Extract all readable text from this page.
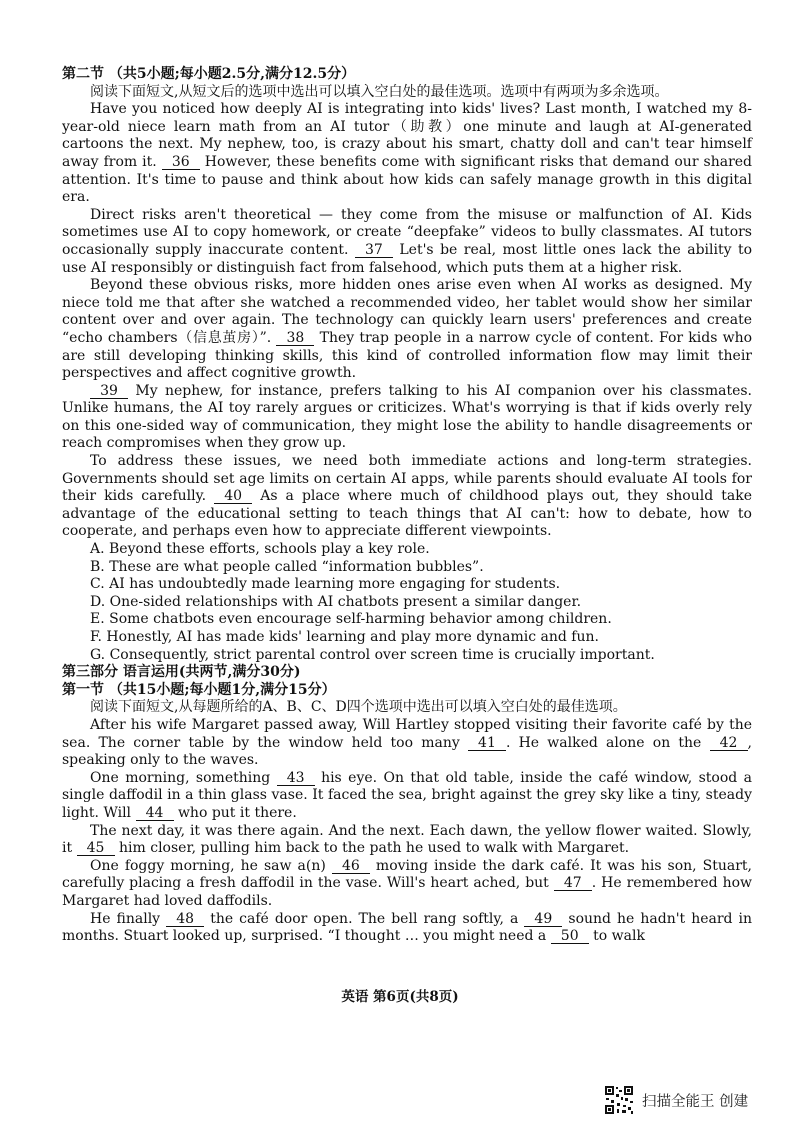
第二节 （共5小题;每小题2.5分,满分12.5分）

阅读下面短文,从短文后的选项中选出可以填入空白处的最佳选项。选项中有两项为多余选项。

Have you noticed how deeply AI is integrating into kids' lives? Last month, I watched my 8-year-old niece learn math from an AI tutor（助教）one minute and laugh at AI-generated cartoons the next. My nephew, too, is crazy about his smart, chatty doll and can't tear himself away from it. 36 However, these benefits come with significant risks that demand our shared attention. It's time to pause and think about how kids can safely manage growth in this digital era.

Direct risks aren't theoretical — they come from the misuse or malfunction of AI. Kids sometimes use AI to copy homework, or create “deepfake” videos to bully classmates. AI tutors occasionally supply inaccurate content. 37 Let's be real, most little ones lack the ability to use AI responsibly or distinguish fact from falsehood, which puts them at a higher risk.

Beyond these obvious risks, more hidden ones arise even when AI works as designed. My niece told me that after she watched a recommended video, her tablet would show her similar content over and over again. The technology can quickly learn users' preferences and create “echo chambers（信息茧房）”. 38 They trap people in a narrow cycle of content. For kids who are still developing thinking skills, this kind of controlled information flow may limit their perspectives and affect cognitive growth.

39 My nephew, for instance, prefers talking to his AI companion over his classmates. Unlike humans, the AI toy rarely argues or criticizes. What's worrying is that if kids overly rely on this one-sided way of communication, they might lose the ability to handle disagreements or reach compromises when they grow up.

To address these issues, we need both immediate actions and long-term strategies. Governments should set age limits on certain AI apps, while parents should evaluate AI tools for their kids carefully. 40 As a place where much of childhood plays out, they should take advantage of the educational setting to teach things that AI can't: how to debate, how to cooperate, and perhaps even how to appreciate different viewpoints.

A. Beyond these efforts, schools play a key role.

B. These are what people called “information bubbles”.

C. AI has undoubtedly made learning more engaging for students.

D. One-sided relationships with AI chatbots present a similar danger.

E. Some chatbots even encourage self-harming behavior among children.

F. Honestly, AI has made kids' learning and play more dynamic and fun.

G. Consequently, strict parental control over screen time is crucially important.

第三部分 语言运用(共两节,满分30分)

第一节 （共15小题;每小题1分,满分15分）

阅读下面短文,从每题所给的A、B、C、D四个选项中选出可以填入空白处的最佳选项。

After his wife Margaret passed away, Will Hartley stopped visiting their favorite café by the sea. The corner table by the window held too many 41 . He walked alone on the 42 , speaking only to the waves.

One morning, something 43 his eye. On that old table, inside the café window, stood a single daffodil in a thin glass vase. It faced the sea, bright against the grey sky like a tiny, steady light. Will 44 who put it there.

The next day, it was there again. And the next. Each dawn, the yellow flower waited. Slowly, it 45 him closer, pulling him back to the path he used to walk with Margaret.

One foggy morning, he saw a(n) 46 moving inside the dark café. It was his son, Stuart, carefully placing a fresh daffodil in the vase. Will's heart ached, but 47 . He remembered how Margaret had loved daffodils.

He finally 48 the café door open. The bell rang softly, a 49 sound he hadn't heard in months. Stuart looked up, surprised. “I thought … you might need a 50 to walk

英语 第6页(共8页)
扫描全能王 创建
